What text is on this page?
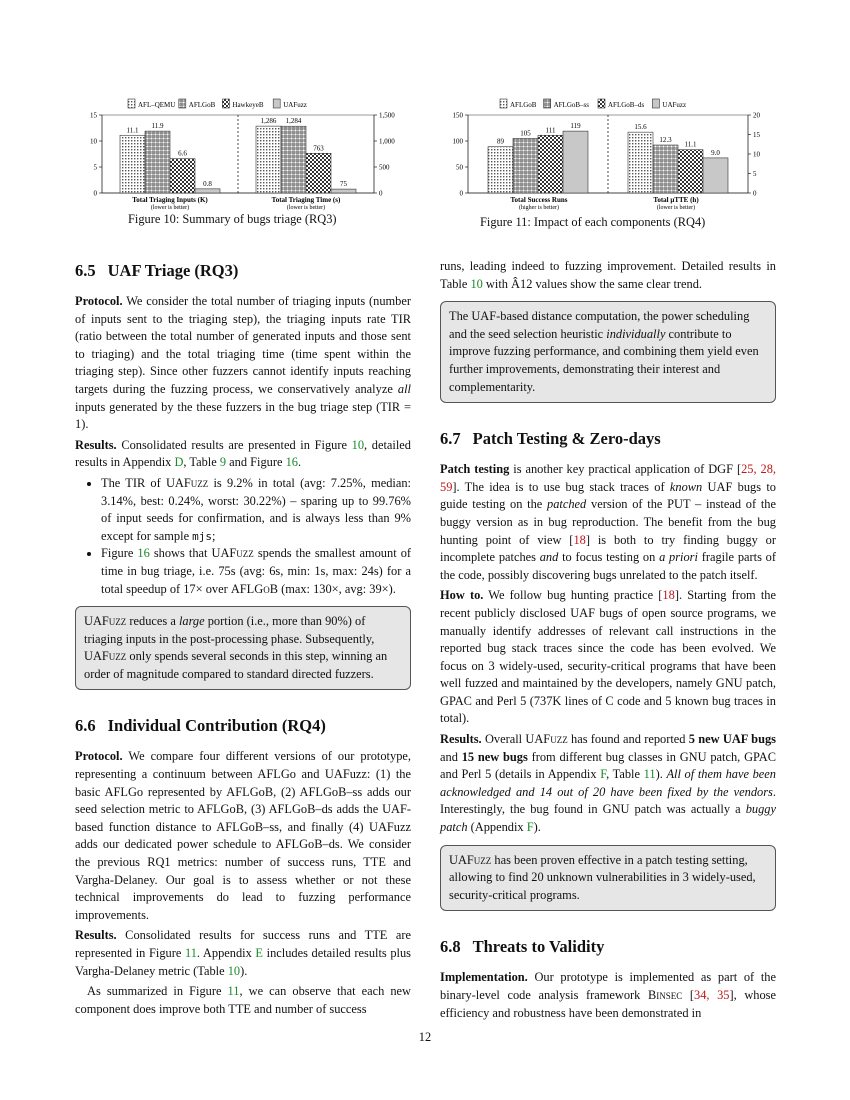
AFL–QEMU AFLGoB HawkeyeB	UAFuzz
0
5
10
15
0
500
1,000
1,500
11.1
11.9
6.6
0.8
1,286 1,284
763
75
Total Triaging Inputs (K)
(lower is better)
Total Triaging Time (s)
(lower is better)
Figure 10: Summary of bugs triage (RQ3)
AFLGoB AFLGoB–ss	AFLGoB–ds	UAFuzz
0
50
100
150
0
5
10
15
20
89
105 111
119	15.6
12.3
11.1
9.0
Total Success Runs
(higher is better)
Total μTTE (h)
(lower is better)
Figure 11: Impact of each components (RQ4)
6.5 UAF Triage (RQ3)

Protocol. We consider the total number of triaging inputs (number of inputs sent to the triaging step), the triaging inputs rate TIR (ratio between the total number of generated inputs and those sent to triaging) and the total triaging time (time spent within the triaging step). Since other fuzzers cannot identify inputs reaching targets during the fuzzing process, we conservatively analyze all inputs generated by the these fuzzers in the bug triage step (TIR = 1).

Results. Consolidated results are presented in Figure 10, detailed results in Appendix D, Table 9 and Figure 16.

• The TIR of UAFuzz is 9.2% in total (avg: 7.25%, median: 3.14%, best: 0.24%, worst: 30.22%) – sparing up to 99.76% of input seeds for confirmation, and is always less than 9% except for sample mjs;
• Figure 16 shows that UAFuzz spends the smallest amount of time in bug triage, i.e. 75s (avg: 6s, min: 1s, max: 24s) for a total speedup of 17× over AFLGoB (max: 130×, avg: 39×).
UAFuzz reduces a large portion (i.e., more than 90%) of triaging inputs in the post-processing phase. Subsequently, UAFuzz only spends several seconds in this step, winning an order of magnitude compared to standard directed fuzzers.
6.6 Individual Contribution (RQ4)

Protocol. We compare four different versions of our prototype, representing a continuum between AFLGo and UAFuzz: (1) the basic AFLGo represented by AFLGoB, (2) AFLGoB–ss adds our seed selection metric to AFLGoB, (3) AFLGoB–ds adds the UAF-based function distance to AFLGoB–ss, and finally (4) UAFuzz adds our dedicated power schedule to AFLGoB–ds. We consider the previous RQ1 metrics: number of success runs, TTE and Vargha-Delaney. Our goal is to assess whether or not these technical improvements do lead to fuzzing performance improvements.

Results. Consolidated results for success runs and TTE are represented in Figure 11. Appendix E includes detailed results plus Vargha-Delaney metric (Table 10).

As summarized in Figure 11, we can observe that each new component does improve both TTE and number of success

runs, leading indeed to fuzzing improvement. Detailed results in Table 10 with Â12 values show the same clear trend.

The UAF-based distance computation, the power scheduling and the seed selection heuristic individually contribute to improve fuzzing performance, and combining them yield even further improvements, demonstrating their interest and complementarity.
6.7 Patch Testing & Zero-days

Patch testing is another key practical application of DGF [25, 28, 59]. The idea is to use bug stack traces of known UAF bugs to guide testing on the patched version of the PUT – instead of the buggy version as in bug reproduction. The benefit from the bug hunting point of view [18] is both to try finding buggy or incomplete patches and to focus testing on a priori fragile parts of the code, possibly discovering bugs unrelated to the patch itself.

How to. We follow bug hunting practice [18]. Starting from the recent publicly disclosed UAF bugs of open source programs, we manually identify addresses of relevant call instructions in the reported bug stack traces since the code has been evolved. We focus on 3 widely-used, security-critical programs that have been well fuzzed and maintained by the developers, namely GNU patch, GPAC and Perl 5 (737K lines of C code and 5 known bug traces in total).

Results. Overall UAFuzz has found and reported 5 new UAF bugs and 15 new bugs from different bug classes in GNU patch, GPAC and Perl 5 (details in Appendix F, Table 11). All of them have been acknowledged and 14 out of 20 have been fixed by the vendors. Interestingly, the bug found in GNU patch was actually a buggy patch (Appendix F).

UAFuzz has been proven effective in a patch testing setting, allowing to find 20 unknown vulnerabilities in 3 widely-used, security-critical programs.
6.8 Threats to Validity

Implementation. Our prototype is implemented as part of the binary-level code analysis framework Binsec [34, 35], whose efficiency and robustness have been demonstrated in

12
